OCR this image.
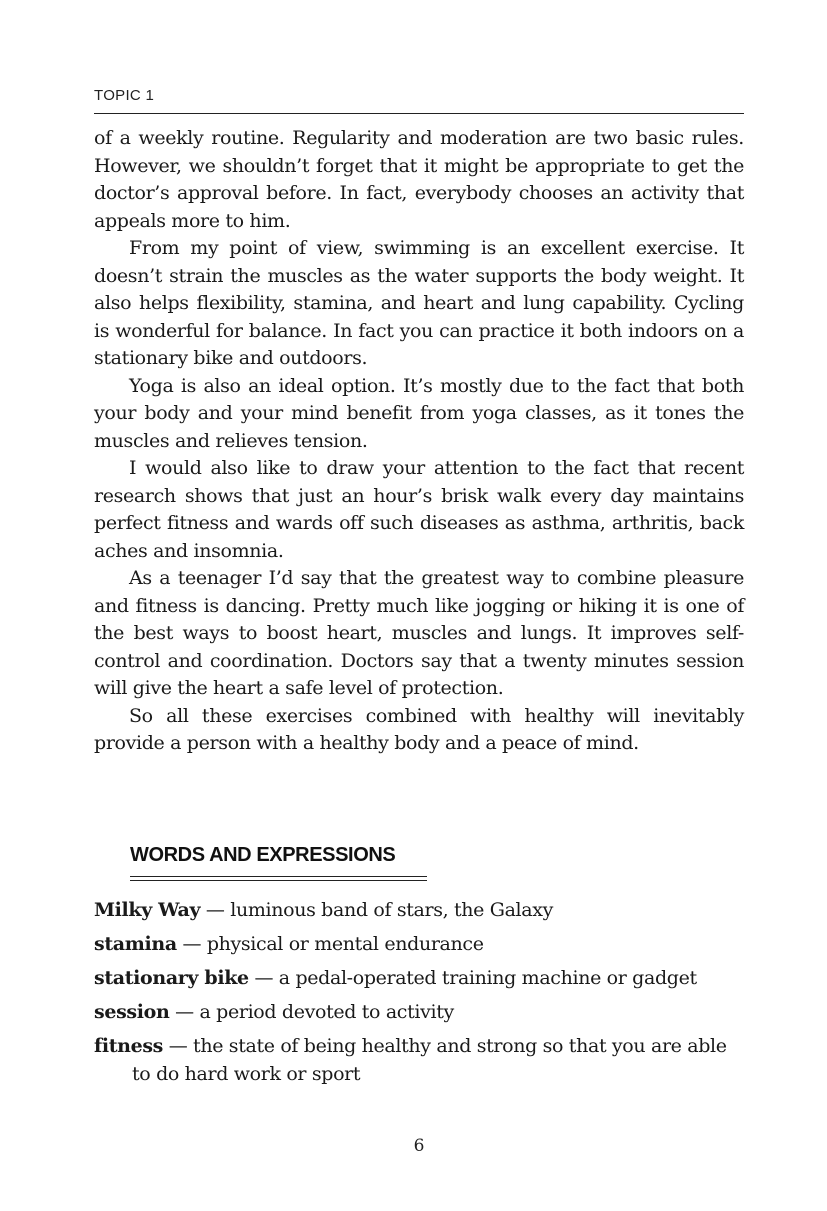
TOPIC 1

of a weekly routine. Regularity and moderation are two basic rules. However, we shouldn’t forget that it might be appropriate to get the doctor’s approval before. In fact, everybody chooses an activity that appeals more to him.

From my point of view, swimming is an excellent exercise. It doesn’t strain the muscles as the water supports the body weight. It also helps flexibility, stamina, and heart and lung capability. Cycling is wonderful for balance. In fact you can practice it both indoors on a stationary bike and outdoors.

Yoga is also an ideal option. It’s mostly due to the fact that both your body and your mind benefit from yoga classes, as it tones the muscles and relieves tension.

I would also like to draw your attention to the fact that recent research shows that just an hour’s brisk walk every day maintains perfect fitness and wards off such diseases as asthma, arthritis, back aches and insomnia.

As a teenager I’d say that the greatest way to combine pleasure and fitness is dancing. Pretty much like jogging or hiking it is one of the best ways to boost heart, muscles and lungs. It improves self-control and coordination. Doctors say that a twenty minutes session will give the heart a safe level of protection.

So all these exercises combined with healthy will inevitably provide a person with a healthy body and a peace of mind.

WORDS AND EXPRESSIONS
Milky Way — luminous band of stars, the Galaxy
stamina — physical or mental endurance
stationary bike — a pedal-operated training machine or gadget
session — a period devoted to activity
fitness — the state of being healthy and strong so that you are able to do hard work or sport
6
